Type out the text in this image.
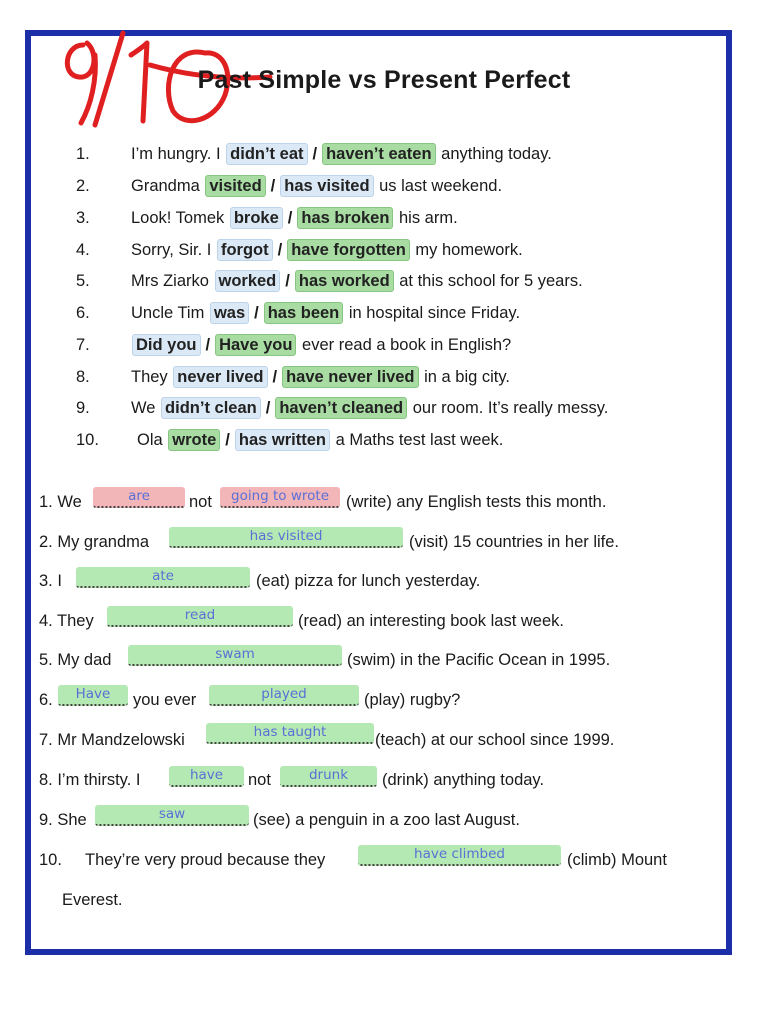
Past Simple vs Present Perfect
1. I’m hungry. I didn’t eat / haven’t eaten anything today.
2. Grandma visited / has visited us last weekend.
3. Look! Tomek broke / has broken his arm.
4. Sorry, Sir. I forgot / have forgotten my homework.
5. Mrs Ziarko worked / has worked at this school for 5 years.
6. Uncle Tim was / has been in hospital since Friday.
7.	Did you / Have you ever read a book in English?
8. They never lived / have never lived in a big city.
9. We didn’t clean / haven’t cleaned our room. It’s really messy.
10. Ola wrote / has written a Maths test last week.
1. We	not	(write) any English tests this month.
are	going to wrote
2. My grandma	(visit) 15 countries in her life.
has visited
3. I	(eat) pizza for lunch yesterday.
ate
4. They	(read) an interesting book last week.
read
5. My dad	(swim) in the Pacific Ocean in 1995.
swam
6.	you ever	(play) rugby?
Have	played
7. Mr Mandzelowski	(teach) at our school since 1999.
has taught
8. I’m thirsty. I	not	(drink) anything today.
have	drunk
9. She	(see) a penguin in a zoo last August.
saw
10. They’re very proud because they	(climb) Mount
have climbed
Everest.
